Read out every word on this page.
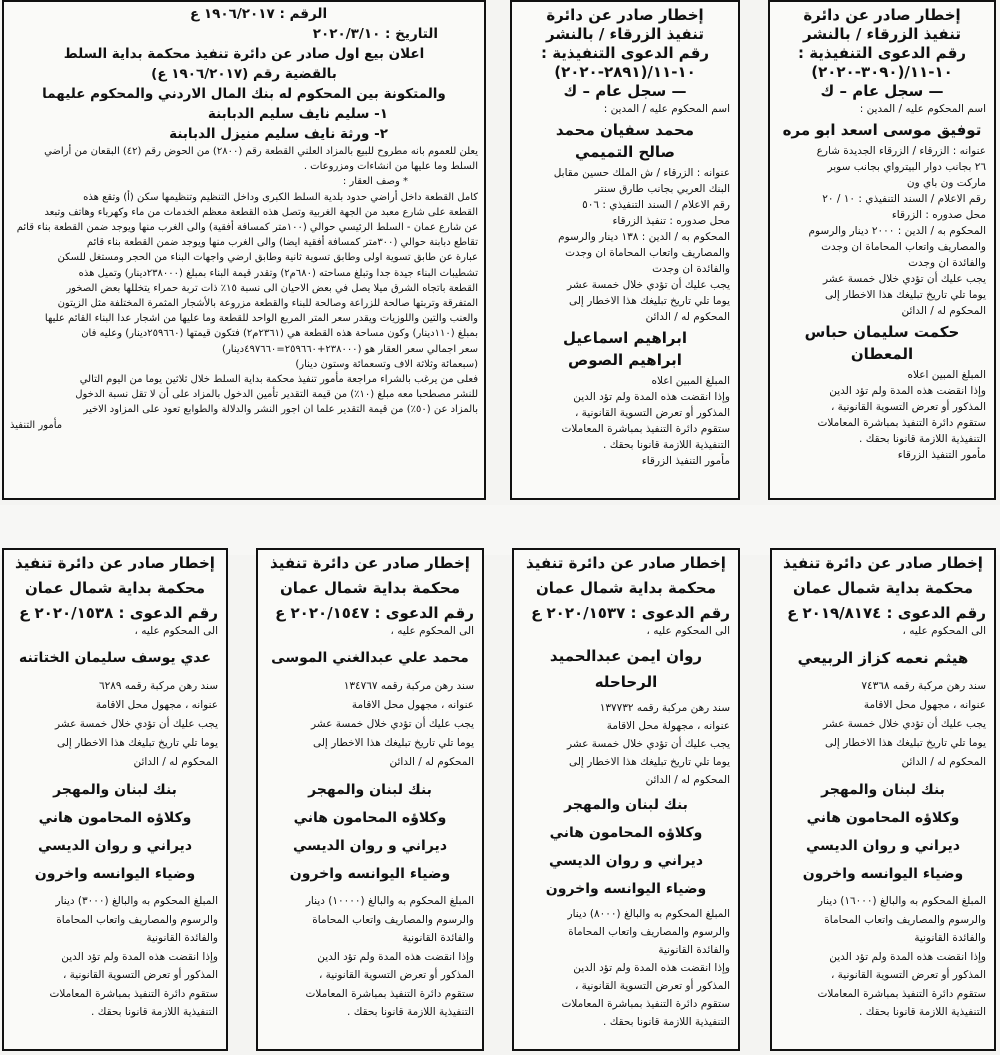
إخطار صادر عن دائرة
تنفيذ الزرقاء / بالنشر
رقم الدعوى التنفيذية :
١٠-١١/(٣٠٩٠-٢٠٢٠)
— سجل عام – ك
اسم المحكوم عليه / المدين :
توفيق موسى اسعد ابو مره
عنوانه : الزرقاء / الزرقاء الجديدة شارع
٢٦ بجانب دوار البيترواي بجانب سوبر
ماركت ون باي ون
رقم الاعلام / السند التنفيذي : ١٠ / ٢٠
محل صدوره : الزرقاء
المحكوم به / الدين : ٢٠٠٠ دينار والرسوم
والمصاريف واتعاب المحاماة ان وجدت
والفائدة ان وجدت
يجب عليك أن تؤدي خلال خمسة عشر
يوما تلي تاريخ تبليغك هذا الاخطار إلى
المحكوم له / الدائن
حكمت سليمان حباس المعطان
المبلغ المبين اعلاه
وإذا انقضت هذه المدة ولم تؤد الدين
المذكور أو تعرض التسوية القانونية ،
ستقوم دائرة التنفيذ بمباشرة المعاملات
التنفيذية اللازمة قانونا بحقك .
مأمور التنفيذ الزرقاء
إخطار صادر عن دائرة
تنفيذ الزرقاء / بالنشر
رقم الدعوى التنفيذية :
١٠-١١/(٢٨٩١-٢٠٢٠)
— سجل عام – ك
اسم المحكوم عليه / المدين :
محمد سفيان محمد
صالح التميمي
عنوانه : الزرقاء / ش الملك حسين مقابل
البنك العربي بجانب طارق سنتر
رقم الاعلام / السند التنفيذي : ٥٠٦
محل صدوره : تنفيذ الزرقاء
المحكوم به / الدين : ١٣٨ دينار والرسوم
والمصاريف واتعاب المحاماة ان وجدت
والفائدة ان وجدت
يجب عليك أن تؤدي خلال خمسة عشر
يوما تلي تاريخ تبليغك هذا الاخطار إلى
المحكوم له / الدائن
ابراهيم اسماعيل
ابراهيم الصوص
المبلغ المبين اعلاه
وإذا انقضت هذه المدة ولم تؤد الدين
المذكور أو تعرض التسوية القانونية ،
ستقوم دائرة التنفيذ بمباشرة المعاملات
التنفيذية اللازمة قانونا بحقك .
مأمور التنفيذ الزرقاء
الرقم : ١٩٠٦/٢٠١٧ ع
التاريخ : ٢٠٢٠/٣/١٠
اعلان بيع اول صادر عن دائرة تنفيذ محكمة بداية السلط
بالقضية رقم (١٩٠٦/٢٠١٧ ع)
والمتكونة بين المحكوم له بنك المال الاردني والمحكوم عليهما
١- سليم نايف سليم الدبابنة
٢- ورثة نايف سليم منيزل الدبابنة
يعلن للعموم بانه مطروح للبيع بالمزاد العلني القطعة رقم (٢٨٠٠) من الحوض رقم (٤٢) البقعان من أراضي
السلط وما عليها من انشاءات ومزروعات .
* وصف العقار :
كامل القطعة داخل أراضي حدود بلدية السلط الكبرى وداخل التنظيم وتنظيمها سكن (أ) وتقع هذه
القطعة على شارع معبد من الجهة الغربية وتصل هذه القطعة معظم الخدمات من ماء وكهرباء وهاتف وتبعد
عن شارع عمان - السلط الرئيسي حوالي (١٠٠متر كمسافة أفقية) والى الغرب منها ويوجد ضمن القطعة بناء قائم
تقاطع دبابنة حوالي (٣٠٠متر كمسافة أفقية ايضا) والى الغرب منها ويوجد ضمن القطعة بناء قائم
عبارة عن طابق تسوية اولى وطابق تسوية ثانية وطابق ارضي واجهات البناء من الحجر ومستغل للسكن
تشطيبات البناء جيدة جدا وتبلغ مساحته (٦٨٠م٢) وتقدر قيمة البناء بمبلغ (٢٣٨٠٠٠دينار) وتميل هذه
القطعة باتجاه الشرق ميلا يصل في بعض الاحيان الى نسبة ١٥٪ ذات تربة حمراء يتخللها بعض الصخور
المتفرقة وتربتها صالحة للزراعة وصالحة للبناء والقطعة مزروعة بالأشجار المثمرة المختلفة مثل الزيتون
والعنب والتين واللوزيات ويقدر سعر المتر المربع الواحد للقطعة وما عليها من اشجار عدا البناء القائم عليها
بمبلغ (١١٠دينار) وكون مساحة هذه القطعة هي (٢٣٦١م٢) فتكون قيمتها (٢٥٩٦٦٠دينار) وعليه فان
سعر اجمالي سعر العقار هو (٢٣٨٠٠٠+٢٥٩٦٦٠=٤٩٧٦٦٠دينار)
(سبعمائة وثلاثة الاف وتسعمائة وستون دينار)
فعلى من يرغب بالشراء مراجعة مأمور تنفيذ محكمة بداية السلط خلال ثلاثين يوما من اليوم التالي
للنشر مصطحبا معه مبلغ (١٠٪) من قيمة التقدير تأمين الدخول بالمزاد على أن لا تقل نسبة الدخول
بالمزاد عن (٥٠٪) من قيمة التقدير علما ان اجور النشر والدلالة والطوابع تعود على المزاود الاخير
مأمور التنفيذ
إخطار صادر عن دائرة تنفيذ
محكمة بداية شمال عمان
رقم الدعوى : ٢٠١٩/٨١٧٤ ع
الى المحكوم عليه ،
هيثم نعمه كزاز الربيعي
سند رهن مركبة رقمه ٧٤٣٦٨
عنوانه ، مجهول محل الاقامة
يجب عليك أن تؤدي خلال خمسة عشر
يوما تلي تاريخ تبليغك هذا الاخطار إلى
المحكوم له / الدائن
بنك لبنان والمهجر
وكلاؤه المحامون هاني
ديراني و روان الديسي
وضياء اليوانسه واخرون
المبلغ المحكوم به والبالغ (١٦٠٠٠) دينار
والرسوم والمصاريف واتعاب المحاماة
والفائدة القانونية
وإذا انقضت هذه المدة ولم تؤد الدين
المذكور أو تعرض التسوية القانونية ،
ستقوم دائرة التنفيذ بمباشرة المعاملات
التنفيذية اللازمة قانونا بحقك .
إخطار صادر عن دائرة تنفيذ
محكمة بداية شمال عمان
رقم الدعوى : ٢٠٢٠/١٥٣٧ ع
الى المحكوم عليه ،
روان ايمن عبدالحميد
الرحاحله
سند رهن مركبة رقمه ١٣٧٧٣٢
عنوانه ، مجهولة محل الاقامة
يجب عليك أن تؤدي خلال خمسة عشر
يوما تلي تاريخ تبليغك هذا الاخطار إلى
المحكوم له / الدائن
بنك لبنان والمهجر
وكلاؤه المحامون هاني
ديراني و روان الديسي
وضياء اليوانسه واخرون
المبلغ المحكوم به والبالغ (٨٠٠٠) دينار
والرسوم والمصاريف واتعاب المحاماة
والفائدة القانونية
وإذا انقضت هذه المدة ولم تؤد الدين
المذكور أو تعرض التسوية القانونية ،
ستقوم دائرة التنفيذ بمباشرة المعاملات
التنفيذية اللازمة قانونا بحقك .
إخطار صادر عن دائرة تنفيذ
محكمة بداية شمال عمان
رقم الدعوى : ٢٠٢٠/١٥٤٧ ع
الى المحكوم عليه ،
محمد علي عبدالغني الموسى
سند رهن مركبة رقمه ١٣٤٧٦٧
عنوانه ، مجهول محل الاقامة
يجب عليك أن تؤدي خلال خمسة عشر
يوما تلي تاريخ تبليغك هذا الاخطار إلى
المحكوم له / الدائن
بنك لبنان والمهجر
وكلاؤه المحامون هاني
ديراني و روان الديسي
وضياء اليوانسه واخرون
المبلغ المحكوم به والبالغ (١٠٠٠٠) دينار
والرسوم والمصاريف واتعاب المحاماة
والفائدة القانونية
وإذا انقضت هذه المدة ولم تؤد الدين
المذكور أو تعرض التسوية القانونية ،
ستقوم دائرة التنفيذ بمباشرة المعاملات
التنفيذية اللازمة قانونا بحقك .
إخطار صادر عن دائرة تنفيذ
محكمة بداية شمال عمان
رقم الدعوى : ٢٠٢٠/١٥٣٨ ع
الى المحكوم عليه ،
عدي يوسف سليمان الختاتنه
سند رهن مركبة رقمه ٦٢٨٩
عنوانه ، مجهول محل الاقامة
يجب عليك أن تؤدي خلال خمسة عشر
يوما تلي تاريخ تبليغك هذا الاخطار إلى
المحكوم له / الدائن
بنك لبنان والمهجر
وكلاؤه المحامون هاني
ديراني و روان الديسي
وضياء اليوانسه واخرون
المبلغ المحكوم به والبالغ (٣٠٠٠) دينار
والرسوم والمصاريف واتعاب المحاماة
والفائدة القانونية
وإذا انقضت هذه المدة ولم تؤد الدين
المذكور أو تعرض التسوية القانونية ،
ستقوم دائرة التنفيذ بمباشرة المعاملات
التنفيذية اللازمة قانونا بحقك .
